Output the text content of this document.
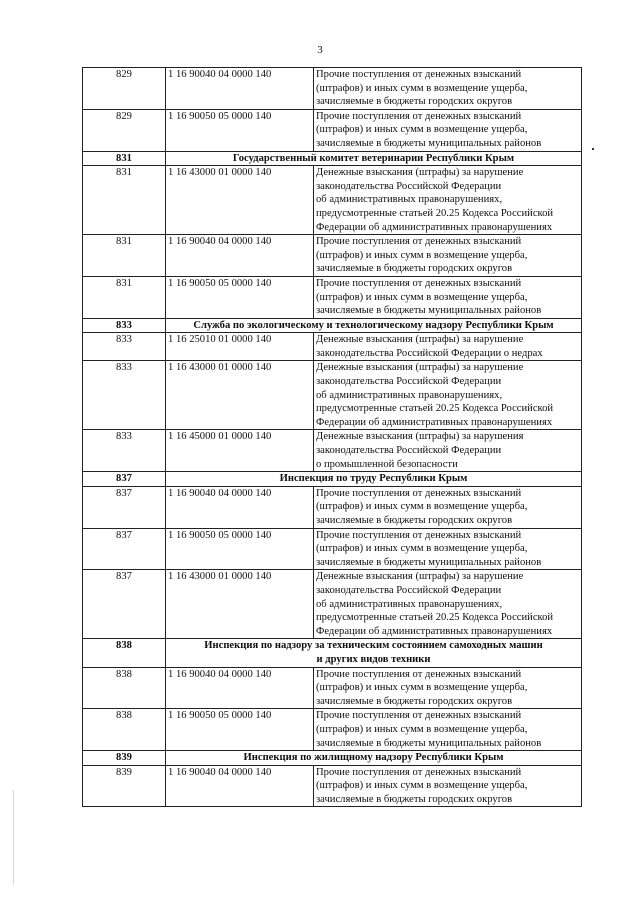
3
829	1 16 90040 04 0000 140	Прочие поступления от денежных взысканий
(штрафов) и иных сумм в возмещение ущерба,
зачисляемые в бюджеты городских округов

829	1 16 90050 05 0000 140	Прочие поступления от денежных взысканий
(штрафов) и иных сумм в возмещение ущерба,
зачисляемые в бюджеты муниципальных районов

831	Государственный комитет ветеринарии Республики Крым	

831	1 16 43000 01 0000 140	Денежные взыскания (штрафы) за нарушение
законодательства Российской Федерации
об административных правонарушениях,
предусмотренные статьей 20.25 Кодекса Российской
Федерации об административных правонарушениях

831	1 16 90040 04 0000 140	Прочие поступления от денежных взысканий
(штрафов) и иных сумм в возмещение ущерба,
зачисляемые в бюджеты городских округов

831	1 16 90050 05 0000 140	Прочие поступления от денежных взысканий
(штрафов) и иных сумм в возмещение ущерба,
зачисляемые в бюджеты муниципальных районов

833	Служба по экологическому и технологическому надзору Республики Крым	

833	1 16 25010 01 0000 140	Денежные взыскания (штрафы) за нарушение
законодательства Российской Федерации о недрах

833	1 16 43000 01 0000 140	Денежные взыскания (штрафы) за нарушение
законодательства Российской Федерации
об административных правонарушениях,
предусмотренные статьей 20.25 Кодекса Российской
Федерации об административных правонарушениях

833	1 16 45000 01 0000 140	Денежные взыскания (штрафы) за нарушения
законодательства Российской Федерации
о промышленной безопасности

837	Инспекция по труду Республики Крым	

837	1 16 90040 04 0000 140	Прочие поступления от денежных взысканий
(штрафов) и иных сумм в возмещение ущерба,
зачисляемые в бюджеты городских округов

837	1 16 90050 05 0000 140	Прочие поступления от денежных взысканий
(штрафов) и иных сумм в возмещение ущерба,
зачисляемые в бюджеты муниципальных районов

837	1 16 43000 01 0000 140	Денежные взыскания (штрафы) за нарушение
законодательства Российской Федерации
об административных правонарушениях,
предусмотренные статьей 20.25 Кодекса Российской
Федерации об административных правонарушениях

838	Инспекция по надзору за техническим состоянием самоходных машин
и других видов техники	

838	1 16 90040 04 0000 140	Прочие поступления от денежных взысканий
(штрафов) и иных сумм в возмещение ущерба,
зачисляемые в бюджеты городских округов

838	1 16 90050 05 0000 140	Прочие поступления от денежных взысканий
(штрафов) и иных сумм в возмещение ущерба,
зачисляемые в бюджеты муниципальных районов

839	Инспекция по жилищному надзору Республики Крым	

839	1 16 90040 04 0000 140	Прочие поступления от денежных взысканий
(штрафов) и иных сумм в возмещение ущерба,
зачисляемые в бюджеты городских округов
